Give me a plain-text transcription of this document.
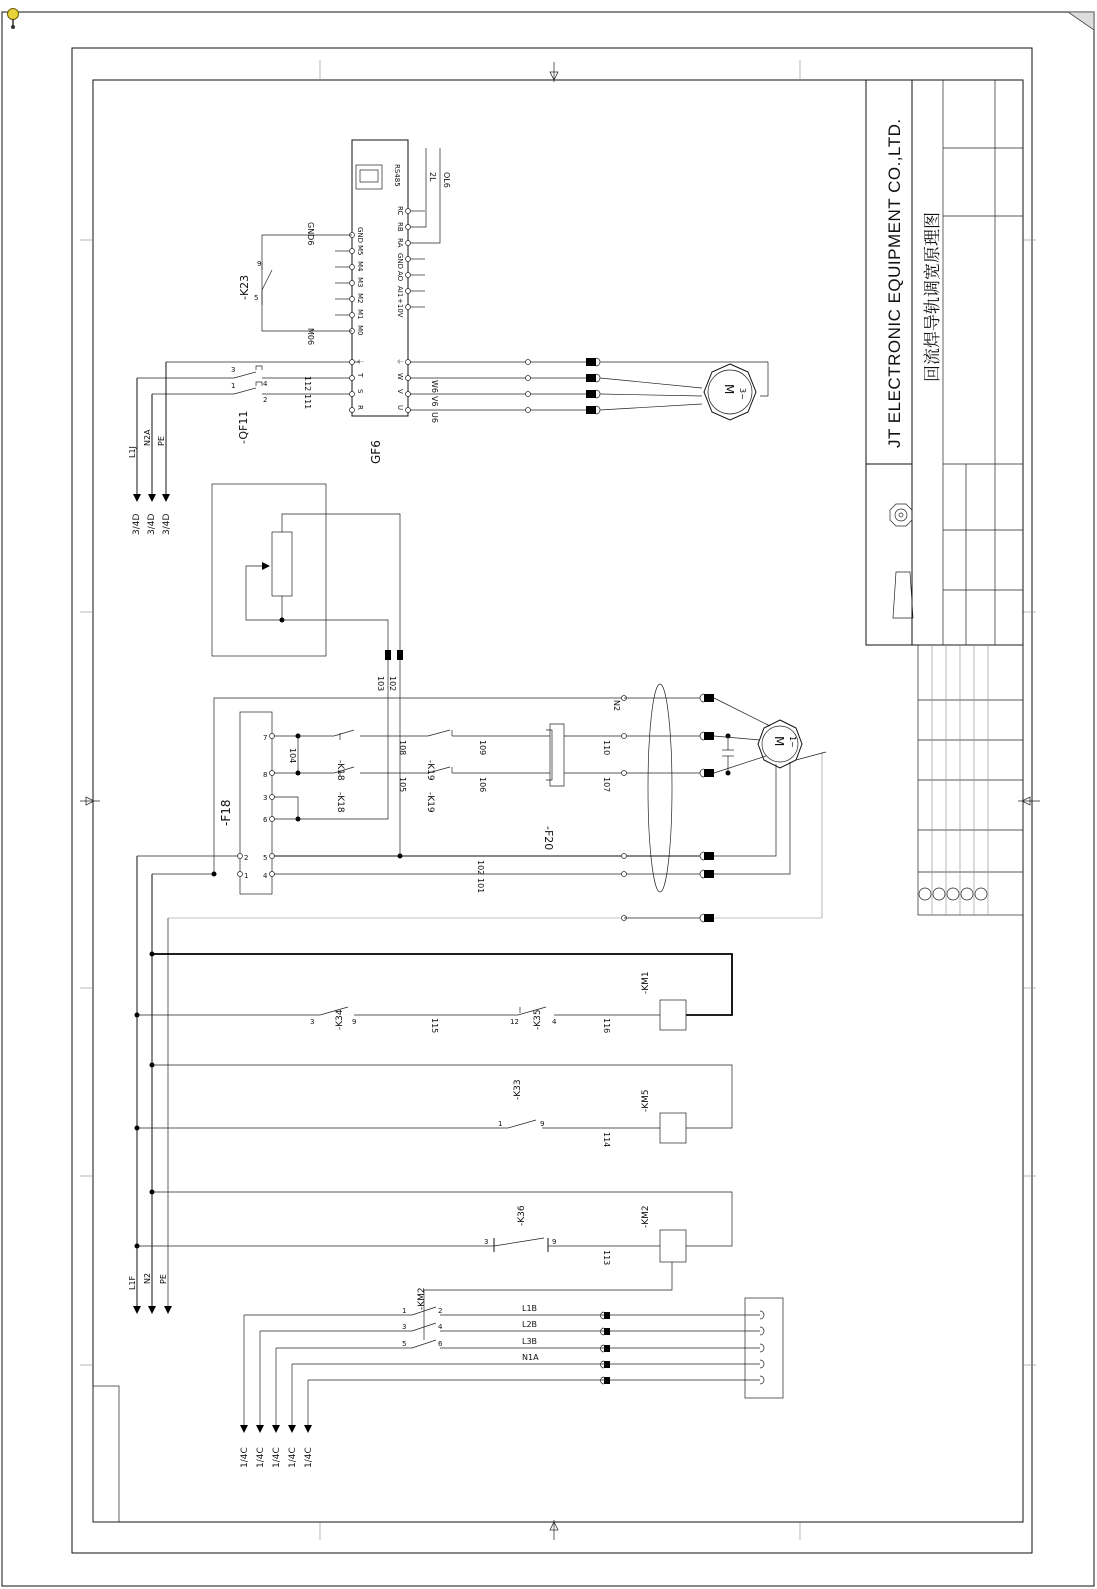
JT ELECTRONIC EQUIPMENT CO.,LTD. 回流焊导轨调宽原理图
L1J
N2A PE
3/4D 3/4D 3/4D
1
3
2
4
-QF11
112
111
GF6
RS485
R
S
T
⏚
M0
M1
M2
M3
M4
M5
GND
U
V
W
⏚
+10V
AI1
AO
GND
RA
RB
RC
5
9
-K23
M06
GND6
2L OL6
U6
V6
W6	M 3~
103 102
-F18
7
8
3
6
5
4
2
1
N2
104
-K18
-K18
-K19
-K19
108
105
109
106
-F20
110
107
102
101
M 1~
L1F N2 PE
3	9	12	4
-K34	-K35
-KM1
115	116
1	9
-K33	-KM5
114
3	9
-K36	-KM2
113
-KM2
1
3
5
2
4
6
L1B
L2B
L3B
N1A
1/4C 1/4C 1/4C 1/4C 1/4C
